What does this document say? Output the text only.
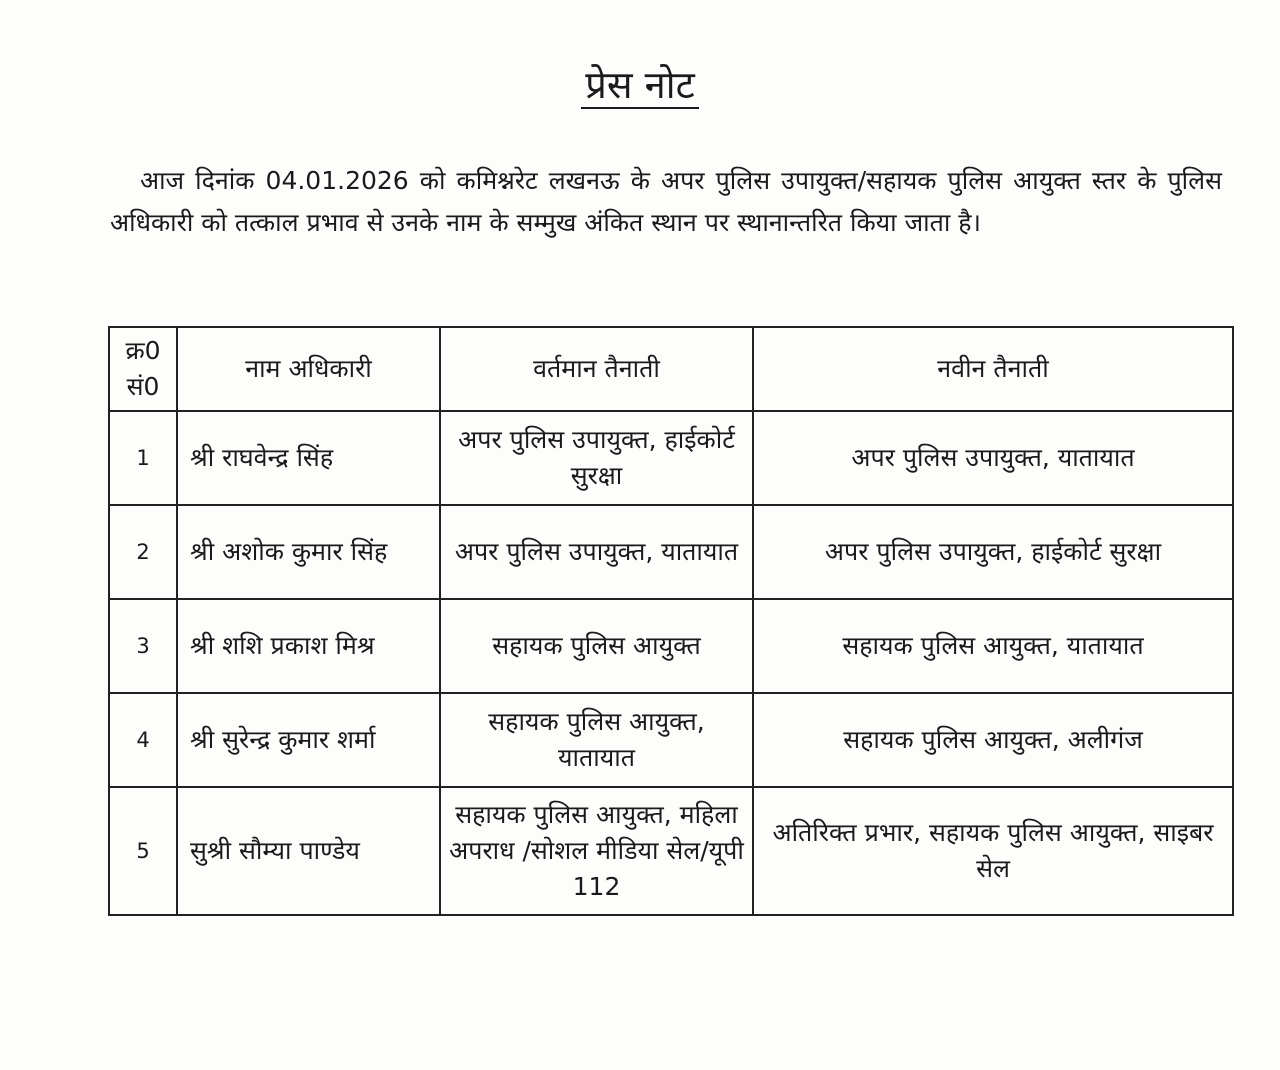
प्रेस नोट
आज दिनांक 04.01.2026 को कमिश्नरेट लखनऊ के अपर पुलिस उपायुक्त/सहायक पुलिस आयुक्त स्तर के पुलिस अधिकारी को तत्काल प्रभाव से उनके नाम के सम्मुख अंकित स्थान पर स्थानान्तरित किया जाता है।
क्र0 सं0	नाम अधिकारी	वर्तमान तैनाती	नवीन तैनाती
1	श्री राघवेन्द्र सिंह	अपर पुलिस उपायुक्त, हाईकोर्ट सुरक्षा	अपर पुलिस उपायुक्त, यातायात
2	श्री अशोक कुमार सिंह	अपर पुलिस उपायुक्त, यातायात	अपर पुलिस उपायुक्त, हाईकोर्ट सुरक्षा
3	श्री शशि प्रकाश मिश्र	सहायक पुलिस आयुक्त	सहायक पुलिस आयुक्त, यातायात
4	श्री सुरेन्द्र कुमार शर्मा	सहायक पुलिस आयुक्त, यातायात	सहायक पुलिस आयुक्त, अलीगंज
5	सुश्री सौम्या पाण्डेय	सहायक पुलिस आयुक्त, महिला अपराध /सोशल मीडिया सेल/यूपी 112	अतिरिक्त प्रभार, सहायक पुलिस आयुक्त, साइबर सेल
